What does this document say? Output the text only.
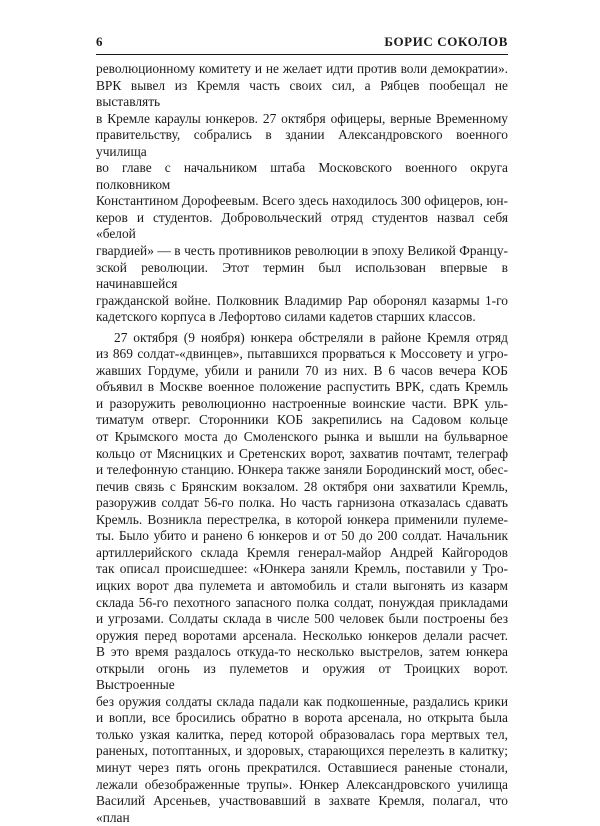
6	БОРИС СОКОЛОВ

революционному комитету и не желает идти против воли демократии».

ВРК вывел из Кремля часть своих сил, а Рябцев пообещал не выставлять

в Кремле караулы юнкеров. 27 октября офицеры, верные Временному

правительству, собрались в здании Александровского военного училища

во главе с начальником штаба Московского военного округа полковником

Константином Дорофеевым. Всего здесь находилось 300 офицеров, юн-

керов и студентов. Добровольческий отряд студентов назвал себя «белой

гвардией» — в честь противников революции в эпоху Великой Францу-

зской революции. Этот термин был использован впервые в начинавшейся

гражданской войне. Полковник Владимир Рар оборонял казармы 1-го

кадетского корпуса в Лефортово силами кадетов старших классов.

27 октября (9 ноября) юнкера обстреляли в районе Кремля отряд

из 869 солдат-«двинцев», пытавшихся прорваться к Моссовету и угро-

жавших Гордуме, убили и ранили 70 из них. В 6 часов вечера КОБ

объявил в Москве военное положение распустить ВРК, сдать Кремль

и разоружить революционно настроенные воинские части. ВРК уль-

тиматум отверг. Сторонники КОБ закрепились на Садовом кольце

от Крымского моста до Смоленского рынка и вышли на бульварное

кольцо от Мясницких и Сретенских ворот, захватив почтамт, телеграф

и телефонную станцию. Юнкера также заняли Бородинский мост, обес-

печив связь с Брянским вокзалом. 28 октября они захватили Кремль,

разоружив солдат 56-го полка. Но часть гарнизона отказалась сдавать

Кремль. Возникла перестрелка, в которой юнкера применили пулеме-

ты. Было убито и ранено 6 юнкеров и от 50 до 200 солдат. Начальник

артиллерийского склада Кремля генерал-майор Андрей Кайгородов

так описал происшедшее: «Юнкера заняли Кремль, поставили у Тро-

ицких ворот два пулемета и автомобиль и стали выгонять из казарм

склада 56-го пехотного запасного полка солдат, понуждая прикладами

и угрозами. Солдаты склада в числе 500 человек были построены без

оружия перед воротами арсенала. Несколько юнкеров делали расчет.

В это время раздалось откуда-то несколько выстрелов, затем юнкера

открыли огонь из пулеметов и оружия от Троицких ворот. Выстроенные

без оружия солдаты склада падали как подкошенные, раздались крики

и вопли, все бросились обратно в ворота арсенала, но открыта была

только узкая калитка, перед которой образовалась гора мертвых тел,

раненых, потоптанных, и здоровых, старающихся перелезть в калитку;

минут через пять огонь прекратился. Оставшиеся раненые стонали,

лежали обезображенные трупы». Юнкер Александровского училища

Василий Арсеньев, участвовавший в захвате Кремля, полагал, что «план
